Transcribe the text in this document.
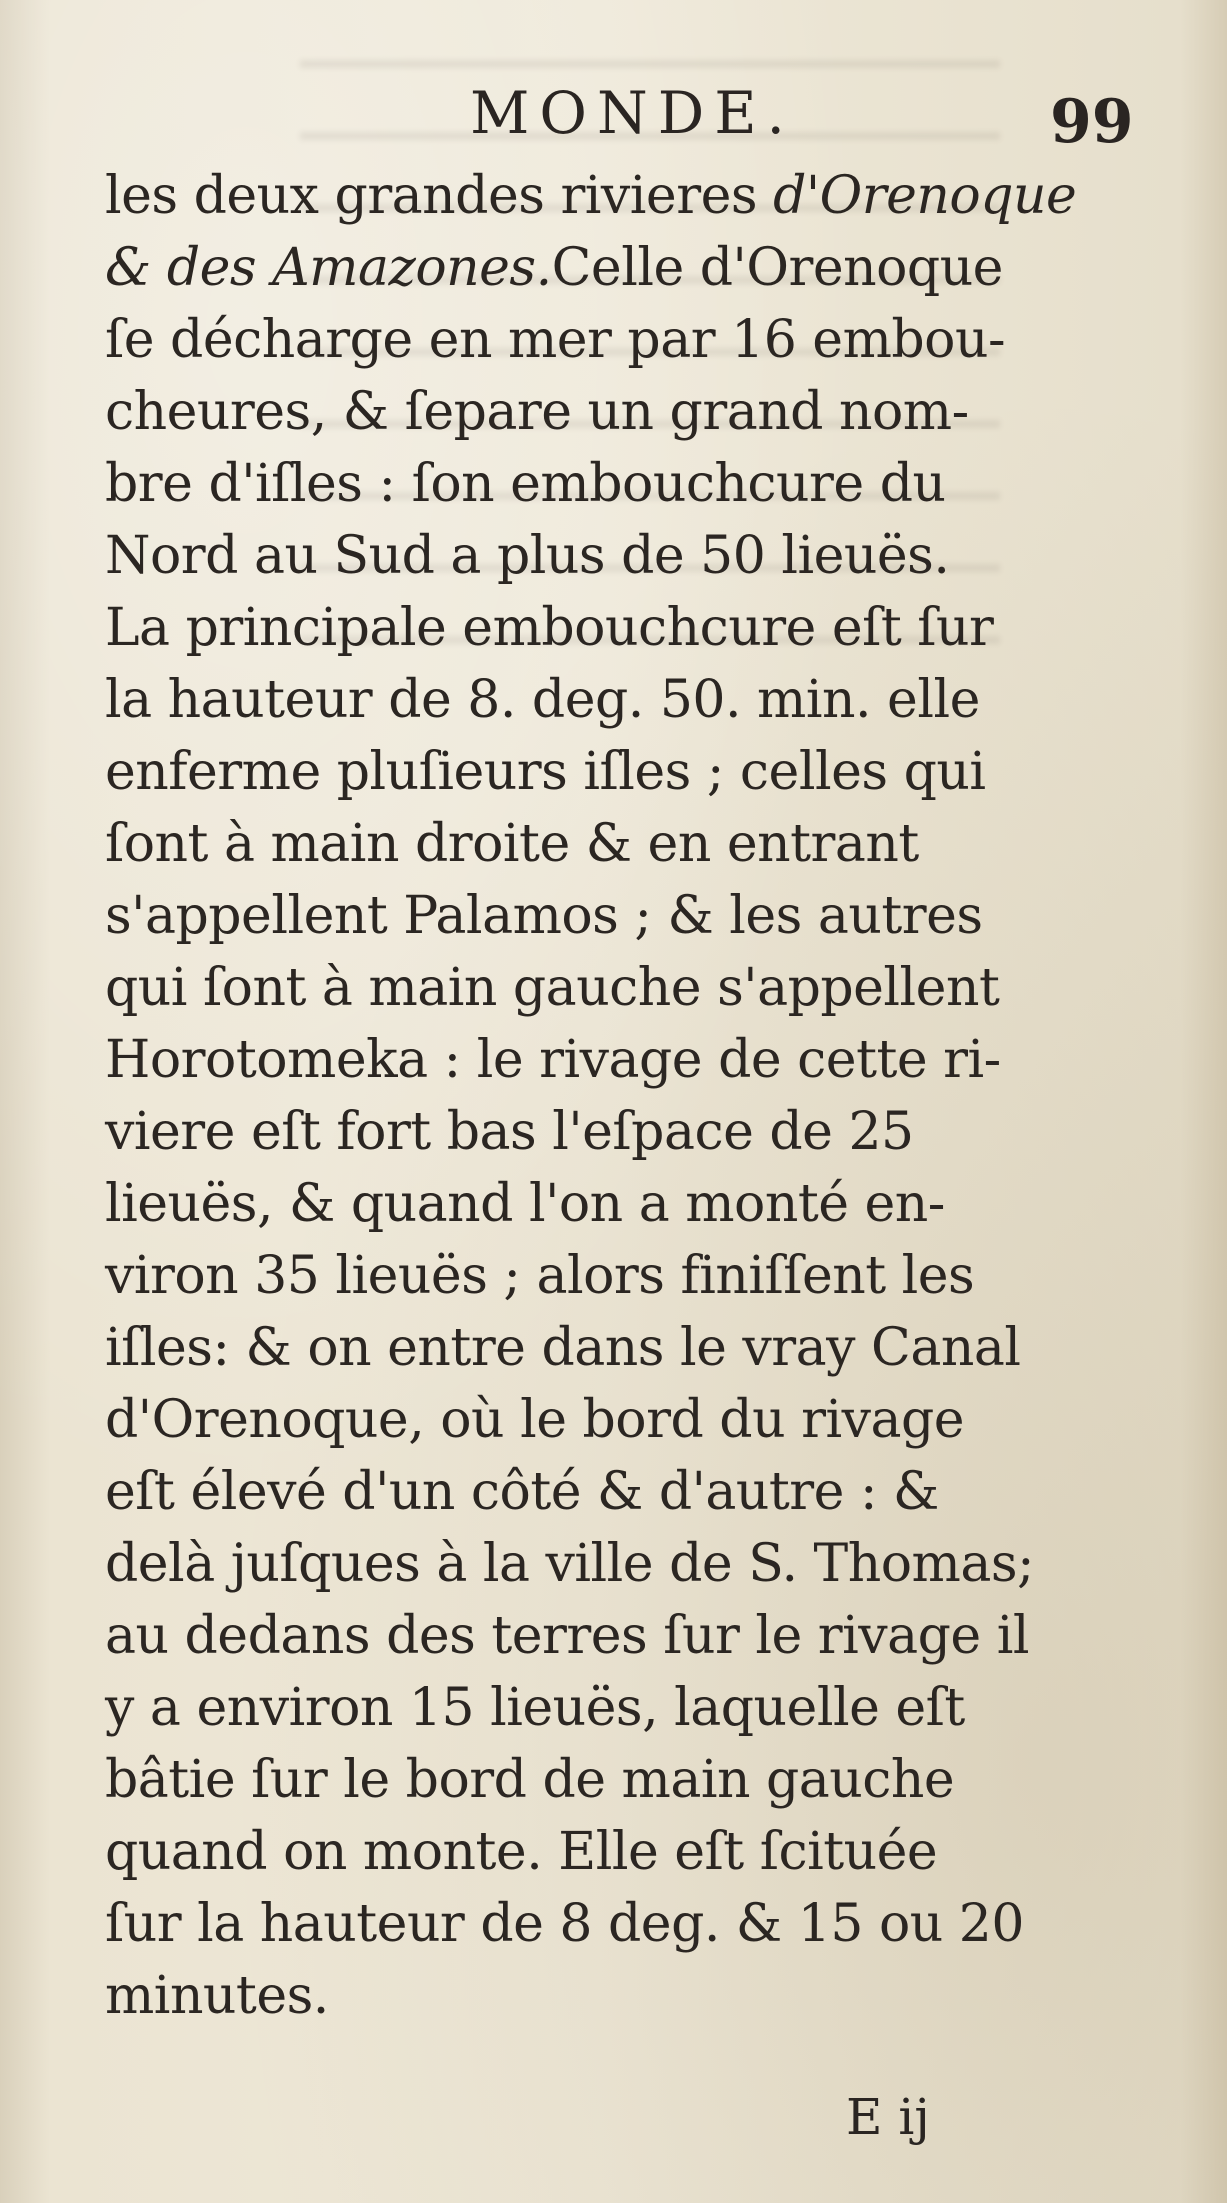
MONDE.	99
les deux grandes rivieres d'Orenoque
& des Amazones.Celle d'Orenoque
ſe décharge en mer par 16 embou-
cheures, & ſepare un grand nom-
bre d'iſles : ſon embouchcure du
Nord au Sud a plus de 50 lieuës.
La principale embouchcure eſt ſur
la hauteur de 8. deg. 50. min. elle
enferme pluſieurs iſles ; celles qui
ſont à main droite & en entrant
s'appellent Palamos ; & les autres
qui ſont à main gauche s'appellent
Horotomeka : le rivage de cette ri-
viere eſt fort bas l'eſpace de 25
lieuës, & quand l'on a monté en-
viron 35 lieuës ; alors finiſſent les
iſles: & on entre dans le vray Canal
d'Orenoque, où le bord du rivage
eſt élevé d'un côté & d'autre : &
delà juſques à la ville de S. Thomas;
au dedans des terres ſur le rivage il
y a environ 15 lieuës, laquelle eſt
bâtie ſur le bord de main gauche
quand on monte. Elle eſt ſcituée
ſur la hauteur de 8 deg. & 15 ou 20
minutes.
E ij
